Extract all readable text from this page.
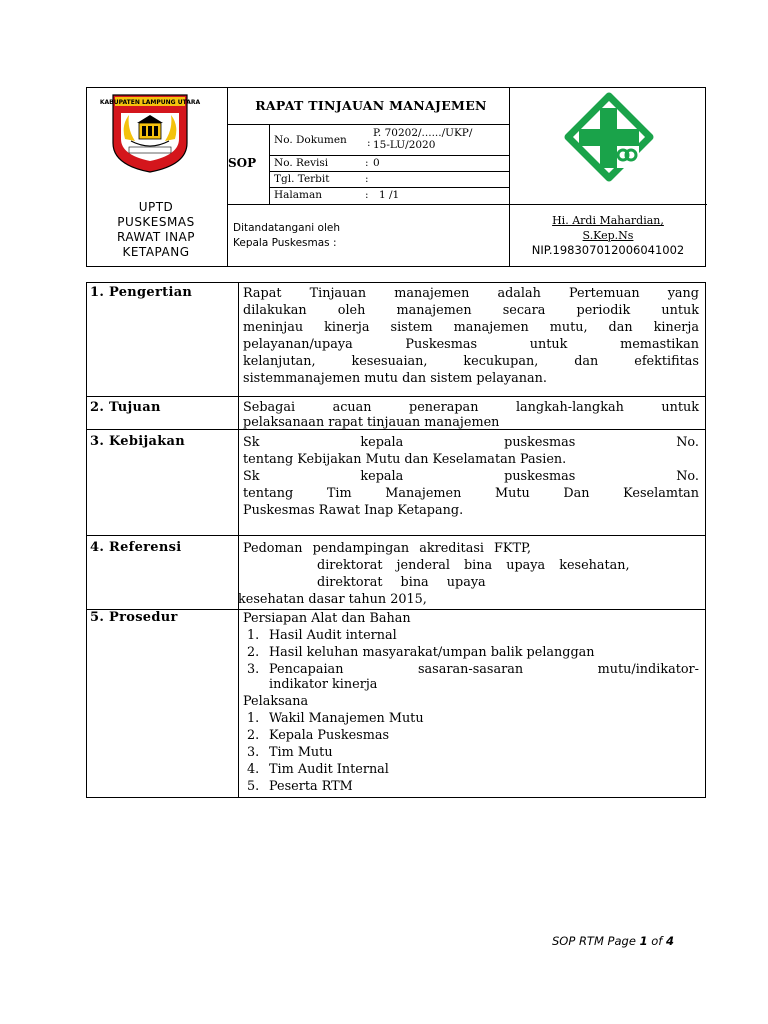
KABUPATEN LAMPUNG UTARA
UPTD
PUSKESMAS
RAWAT INAP
KETAPANG
RAPAT TINJAUAN MANAJEMEN
SOP
No. Dokumen :
P. 70202/....../UKP/
15-LU/2020
No. Revisi	: 0
Tgl. Terbit	:
Halaman	: 1 /1
Ditandatangani oleh
Kepala Puskesmas :
Hi. Ardi Mahardian,
S.Kep.Ns
NIP.198307012006041002
1. Pengertian	Rapat Tinjauan manajemen adalah Pertemuan yang
dilakukan oleh manajemen secara periodik untuk
meninjau kinerja sistem manajemen mutu, dan kinerja
pelayanan/upaya Puskesmas untuk memastikan
kelanjutan, kesesuaian, kecukupan, dan efektifitas
sistemmanajemen mutu dan sistem pelayanan.
2. Tujuan	Sebagai acuan penerapan langkah-langkah untuk
pelaksanaan rapat tinjauan manajemen
3. Kebijakan	Sk	kepala	puskesmas	No.
tentang Kebijakan Mutu dan Keselamatan Pasien.
Sk	kepala	puskesmas	No.
tentang Tim Manajemen Mutu Dan Keselamtan
Puskesmas Rawat Inap Ketapang.
4. Referensi	Pedoman pendampingan akreditasi FKTP,
direktorat jenderal bina upaya kesehatan,
direktorat bina upaya
kesehatan dasar tahun 2015,
5. Prosedur	Persiapan Alat dan Bahan
1. Hasil Audit internal
2. Hasil keluhan masyarakat/umpan balik pelanggan
3. Pencapaian sasaran-sasaran mutu/indikator-
indikator kinerja
Pelaksana
1. Wakil Manajemen Mutu
2. Kepala Puskesmas
3. Tim Mutu
4. Tim Audit Internal
5. Peserta RTM
SOP RTM Page 1 of 4
